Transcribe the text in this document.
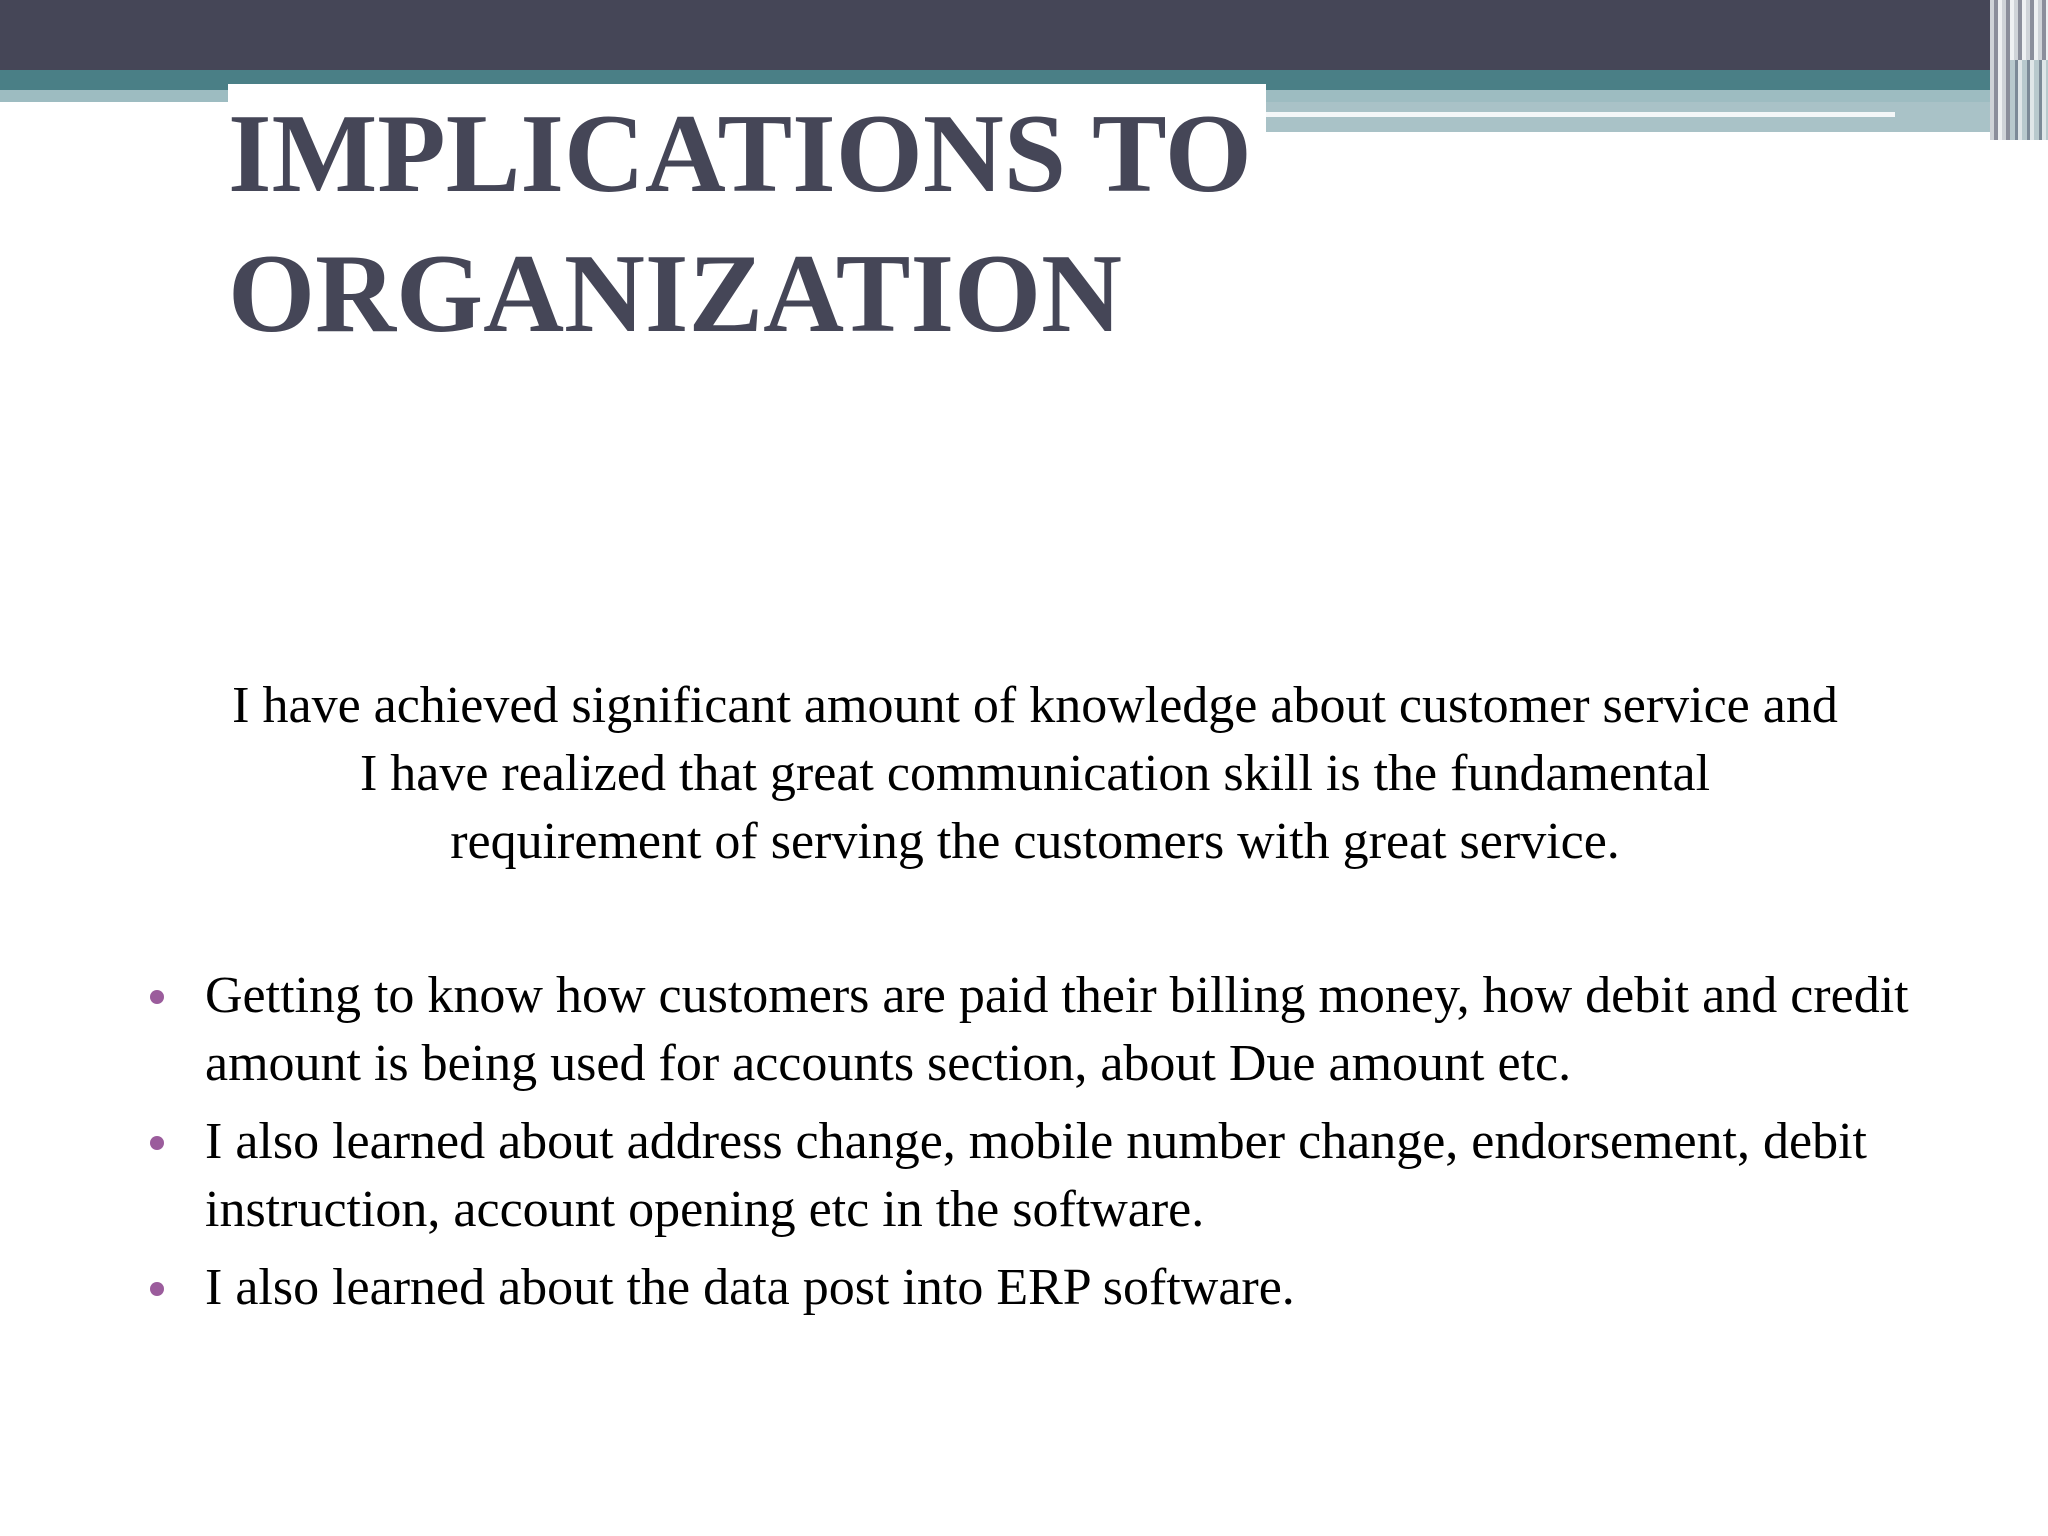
IMPLICATIONS TO
ORGANIZATION

I have achieved significant amount of knowledge about customer service and
I have realized that great communication skill is the fundamental
requirement of serving the customers with great service.

Getting to know how customers are paid their billing money, how debit and credit amount is being used for accounts section, about Due amount etc.
I also learned about address change, mobile number change, endorsement, debit instruction, account opening etc in the software.
I also learned about the data post into ERP software.
